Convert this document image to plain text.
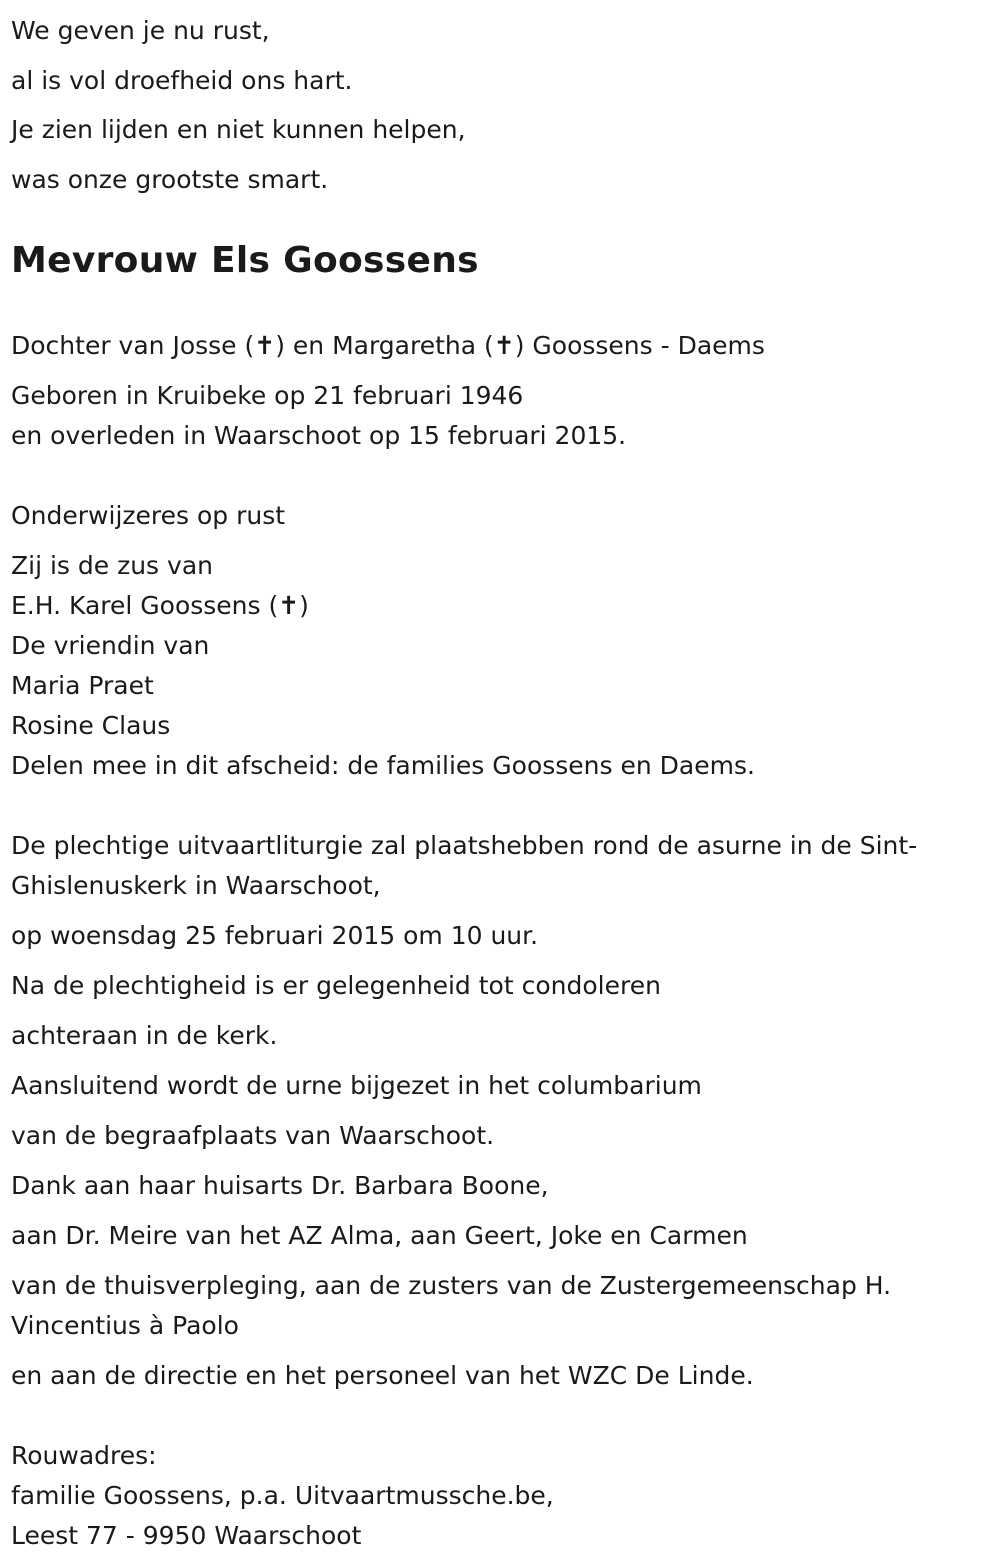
We geven je nu rust,
al is vol droefheid ons hart.
Je zien lijden en niet kunnen helpen,
was onze grootste smart.
Mevrouw Els Goossens
Dochter van Josse (✝) en Margaretha (✝) Goossens - Daems
Geboren in Kruibeke op 21 februari 1946
en overleden in Waarschoot op 15 februari 2015.
Onderwijzeres op rust
Zij is de zus van
E.H. Karel Goossens (✝)
De vriendin van
Maria Praet
Rosine Claus
Delen mee in dit afscheid: de families Goossens en Daems.
De plechtige uitvaartliturgie zal plaatshebben rond de asurne in de Sint-Ghislenuskerk in Waarschoot,
op woensdag 25 februari 2015 om 10 uur.
Na de plechtigheid is er gelegenheid tot condoleren
achteraan in de kerk.
Aansluitend wordt de urne bijgezet in het columbarium
van de begraafplaats van Waarschoot.
Dank aan haar huisarts Dr. Barbara Boone,
aan Dr. Meire van het AZ Alma, aan Geert, Joke en Carmen
van de thuisverpleging, aan de zusters van de Zustergemeenschap H. Vincentius à Paolo
en aan de directie en het personeel van het WZC De Linde.
Rouwadres:
familie Goossens, p.a. Uitvaartmussche.be,
Leest 77 - 9950 Waarschoot
